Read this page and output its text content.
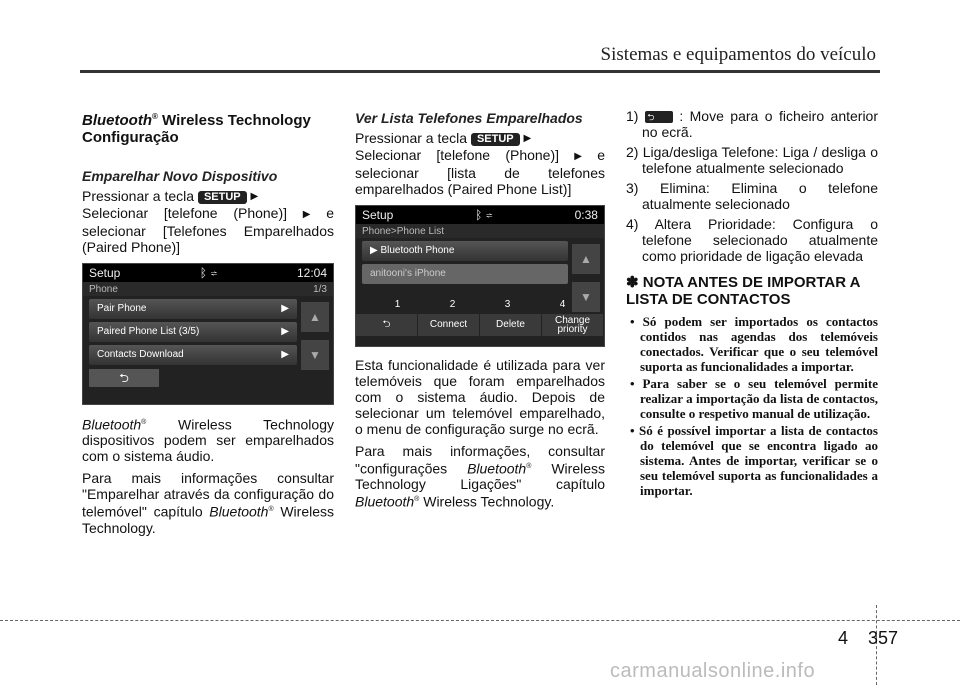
Sistemas e equipamentos do veículo
Bluetooth® Wireless Technology
Configuração
Emparelhar Novo Dispositivo

Pressionar a tecla SETUP ▶
Selecionar [telefone (Phone)] ▶ e selecionar [Telefones Emparelhados (Paired Phone)]

Setup	ᛒ ⇌	12:04
Phone	1/3
Pair Phone	▶
Paired Phone List (3/5)	▶
Contacts Download	▶
▲
▼
⮌

Bluetooth® Wireless Technology dispositivos podem ser emparelhados com o sistema áudio.

Para mais informações consultar "Emparelhar através da configuração do telemóvel" capítulo Bluetooth® Wireless Technology.

Ver Lista Telefones Emparelhados

Pressionar a tecla SETUP ▶
Selecionar [telefone (Phone)] ▶ e selecionar [lista de telefones emparelhados (Paired Phone List)]

Setup	ᛒ ⇌	0:38
Phone>Phone List
▶ Bluetooth Phone
anitooni's iPhone
▲
▼
1	2	3	4
⮌	Connect	Delete	Change priority

Esta funcionalidade é utilizada para ver telemóveis que foram emparelhados com o sistema áudio. Depois de selecionar um telemóvel emparelhado, o menu de configuração surge no ecrã.

Para mais informações, consultar "configurações Bluetooth® Wireless Technology Ligações" capítulo Bluetooth® Wireless Technology.

1) ⮌ : Move para o ficheiro anterior no ecrã.
2) Liga/desliga Telefone: Liga / desliga o telefone atualmente selecionado
3) Elimina: Elimina o telefone atualmente selecionado
4) Altera Prioridade: Configura o telefone selecionado atualmente como prioridade de ligação elevada
✽ NOTA ANTES DE IMPORTAR A LISTA DE CONTACTOS
• Só podem ser importados os contactos contidos nas agendas dos telemóveis conectados. Verificar que o seu telemóvel suporta as funcionalidades a importar.
• Para saber se o seu telemóvel permite realizar a importação da lista de contactos, consulte o respetivo manual de utilização.
• Só é possível importar a lista de contactos do telemóvel que se encontra ligado ao sistema. Antes de importar, verificar se o seu telemóvel suporta as funcionalidades a importar.
4 357
carmanualsonline.info
